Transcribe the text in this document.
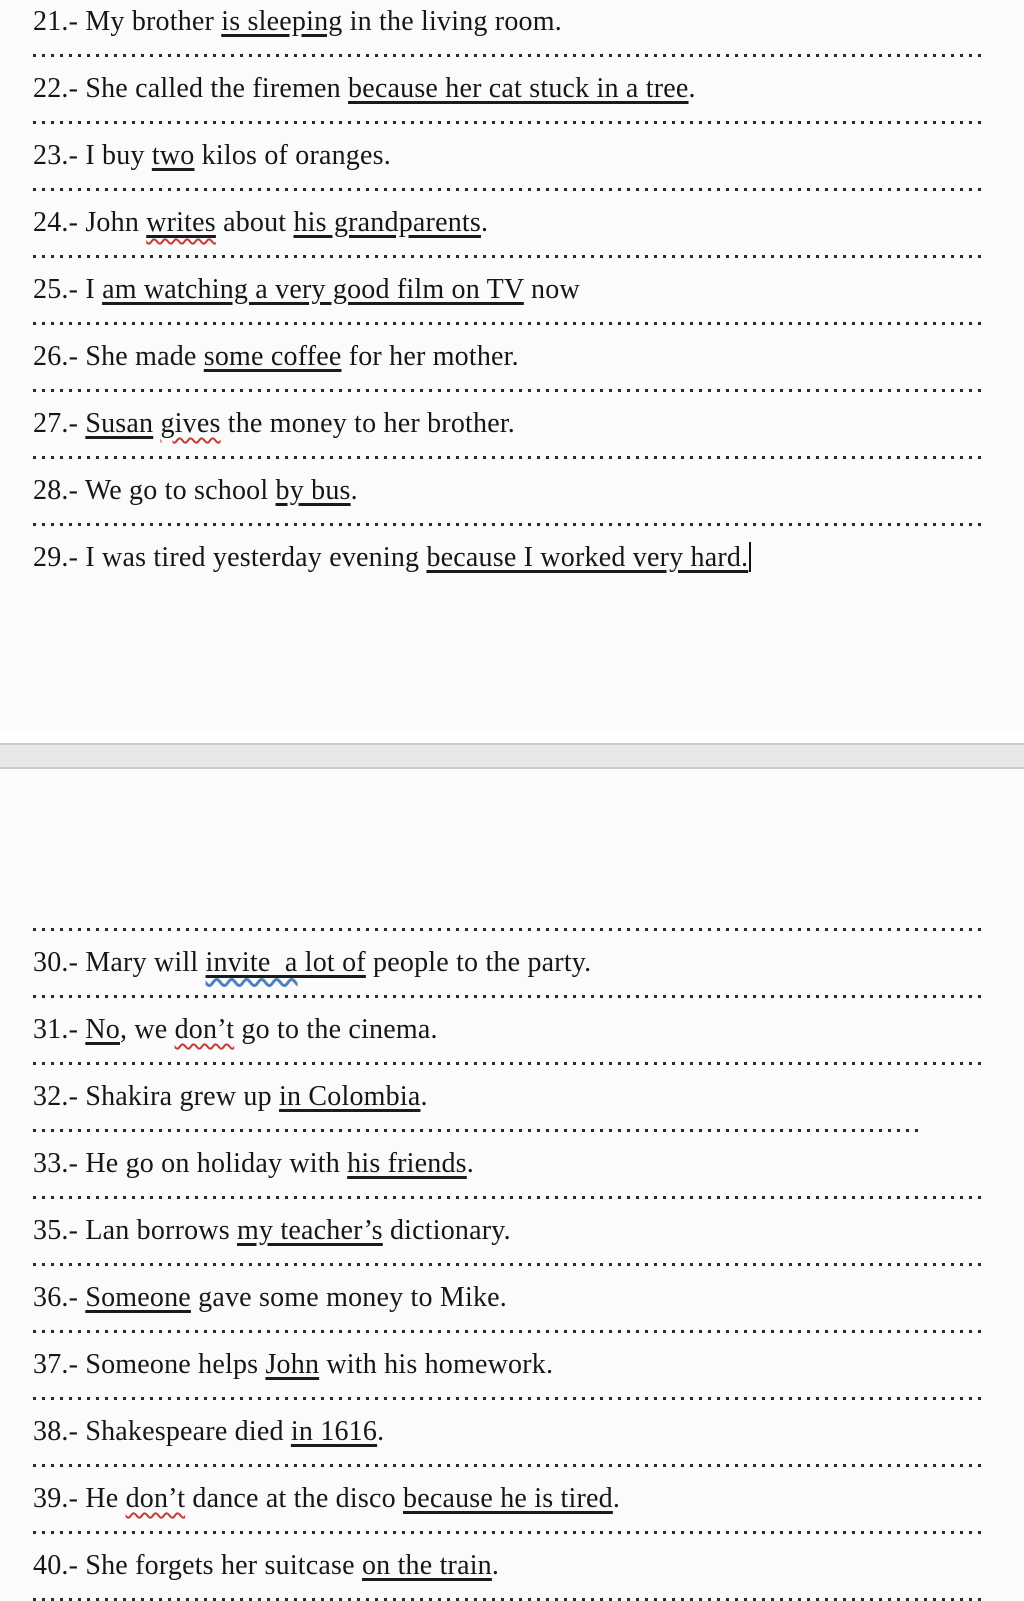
21.- My brother is sleeping in the living room.
22.- She called the firemen because her cat stuck in a tree.
23.- I buy two kilos of oranges.
24.- John writes about his grandparents.
25.- I am watching a very good film on TV now
26.- She made some coffee for her mother.
27.- Susan gives the money to her brother.
28.- We go to school by bus.
29.- I was tired yesterday evening because I worked very hard.
30.- Mary will invite  a lot of people to the party.
31.- No, we don’t go to the cinema.
32.- Shakira grew up in Colombia.
33.- He go on holiday with his friends.
35.- Lan borrows my teacher’s dictionary.
36.- Someone gave some money to Mike.
37.- Someone helps John with his homework.
38.- Shakespeare died in 1616.
39.- He don’t dance at the disco because he is tired.
40.- She forgets her suitcase on the train.
